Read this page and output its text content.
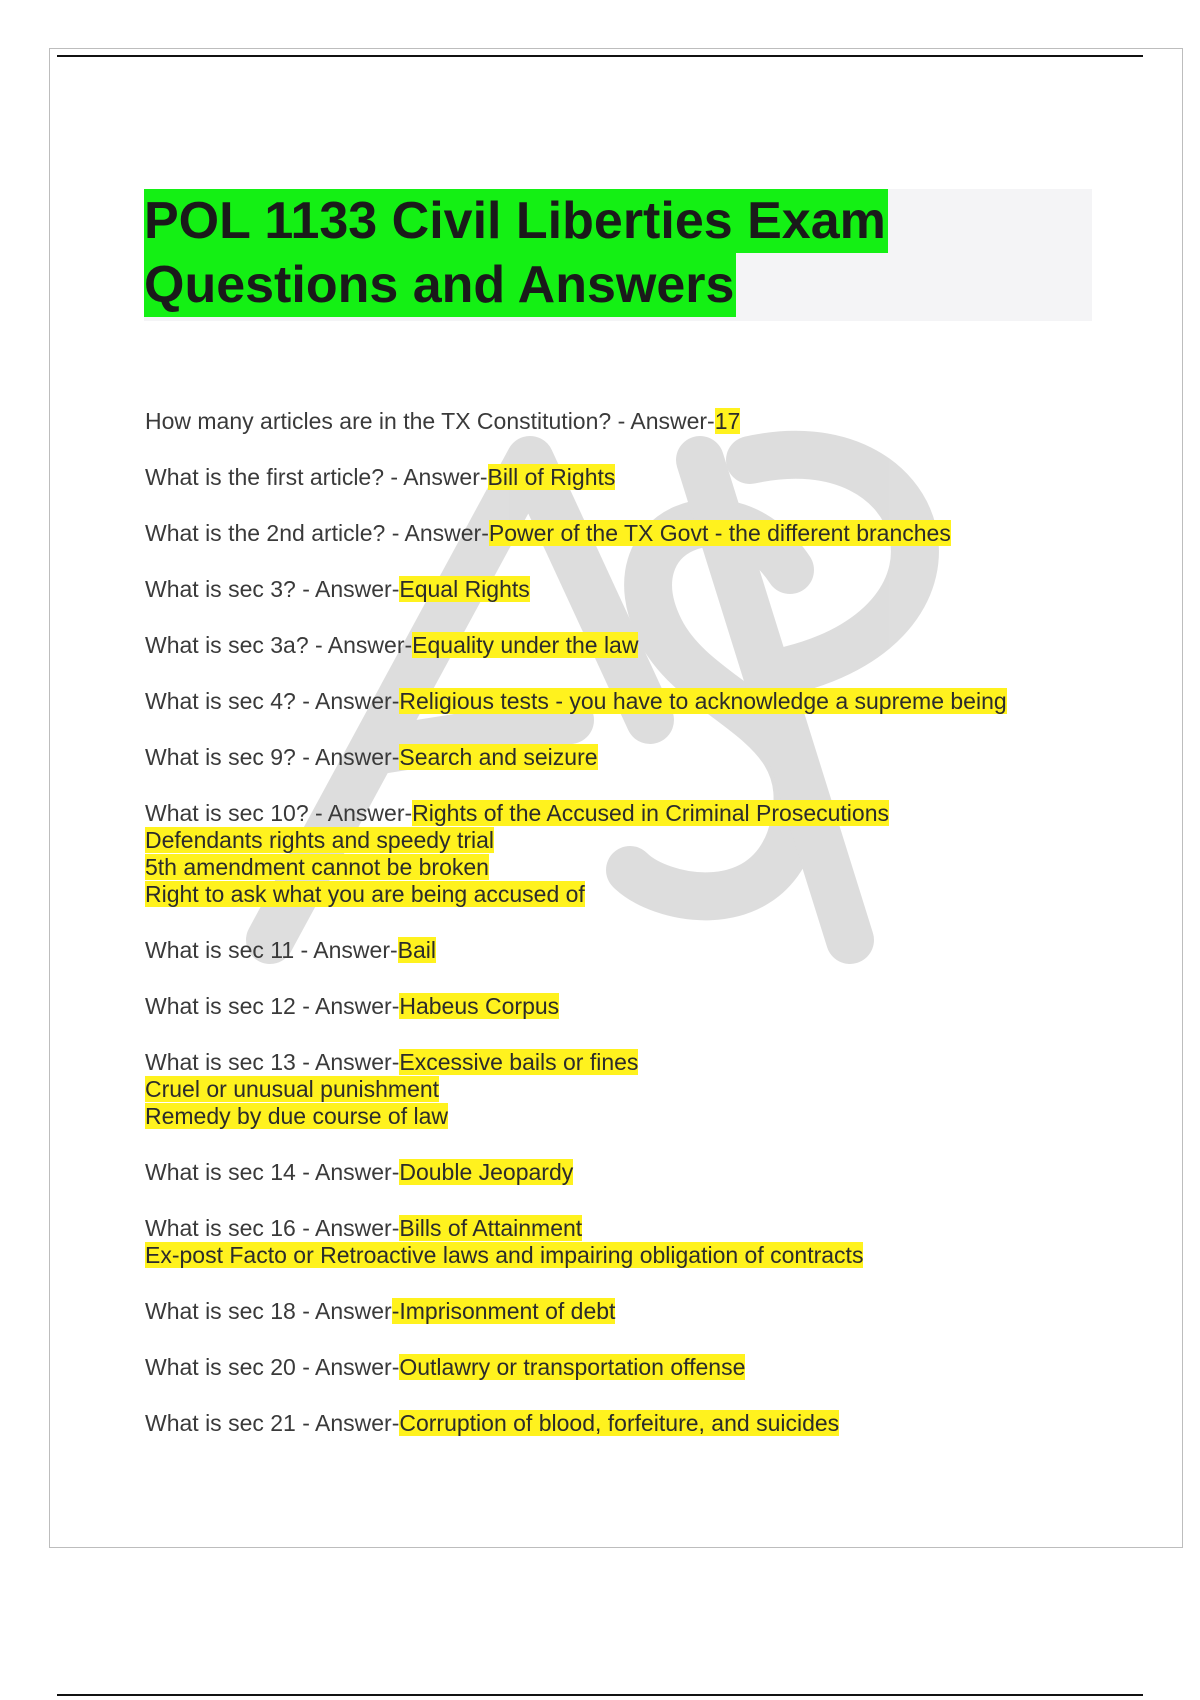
POL 1133 Civil Liberties Exam
Questions and Answers

How many articles are in the TX Constitution? - Answer-17

What is the first article? - Answer-Bill of Rights

What is the 2nd article? - Answer-Power of the TX Govt - the different branches

What is sec 3? - Answer-Equal Rights

What is sec 3a? - Answer-Equality under the law

What is sec 4? - Answer-Religious tests - you have to acknowledge a supreme being

What is sec 9? - Answer-Search and seizure

What is sec 10? - Answer-Rights of the Accused in Criminal Prosecutions
Defendants rights and speedy trial
5th amendment cannot be broken
Right to ask what you are being accused of

What is sec 11 - Answer-Bail

What is sec 12 - Answer-Habeus Corpus

What is sec 13 - Answer-Excessive bails or fines
Cruel or unusual punishment
Remedy by due course of law

What is sec 14 - Answer-Double Jeopardy

What is sec 16 - Answer-Bills of Attainment
Ex-post Facto or Retroactive laws and impairing obligation of contracts

What is sec 18 - Answer-Imprisonment of debt

What is sec 20 - Answer-Outlawry or transportation offense

What is sec 21 - Answer-Corruption of blood, forfeiture, and suicides
